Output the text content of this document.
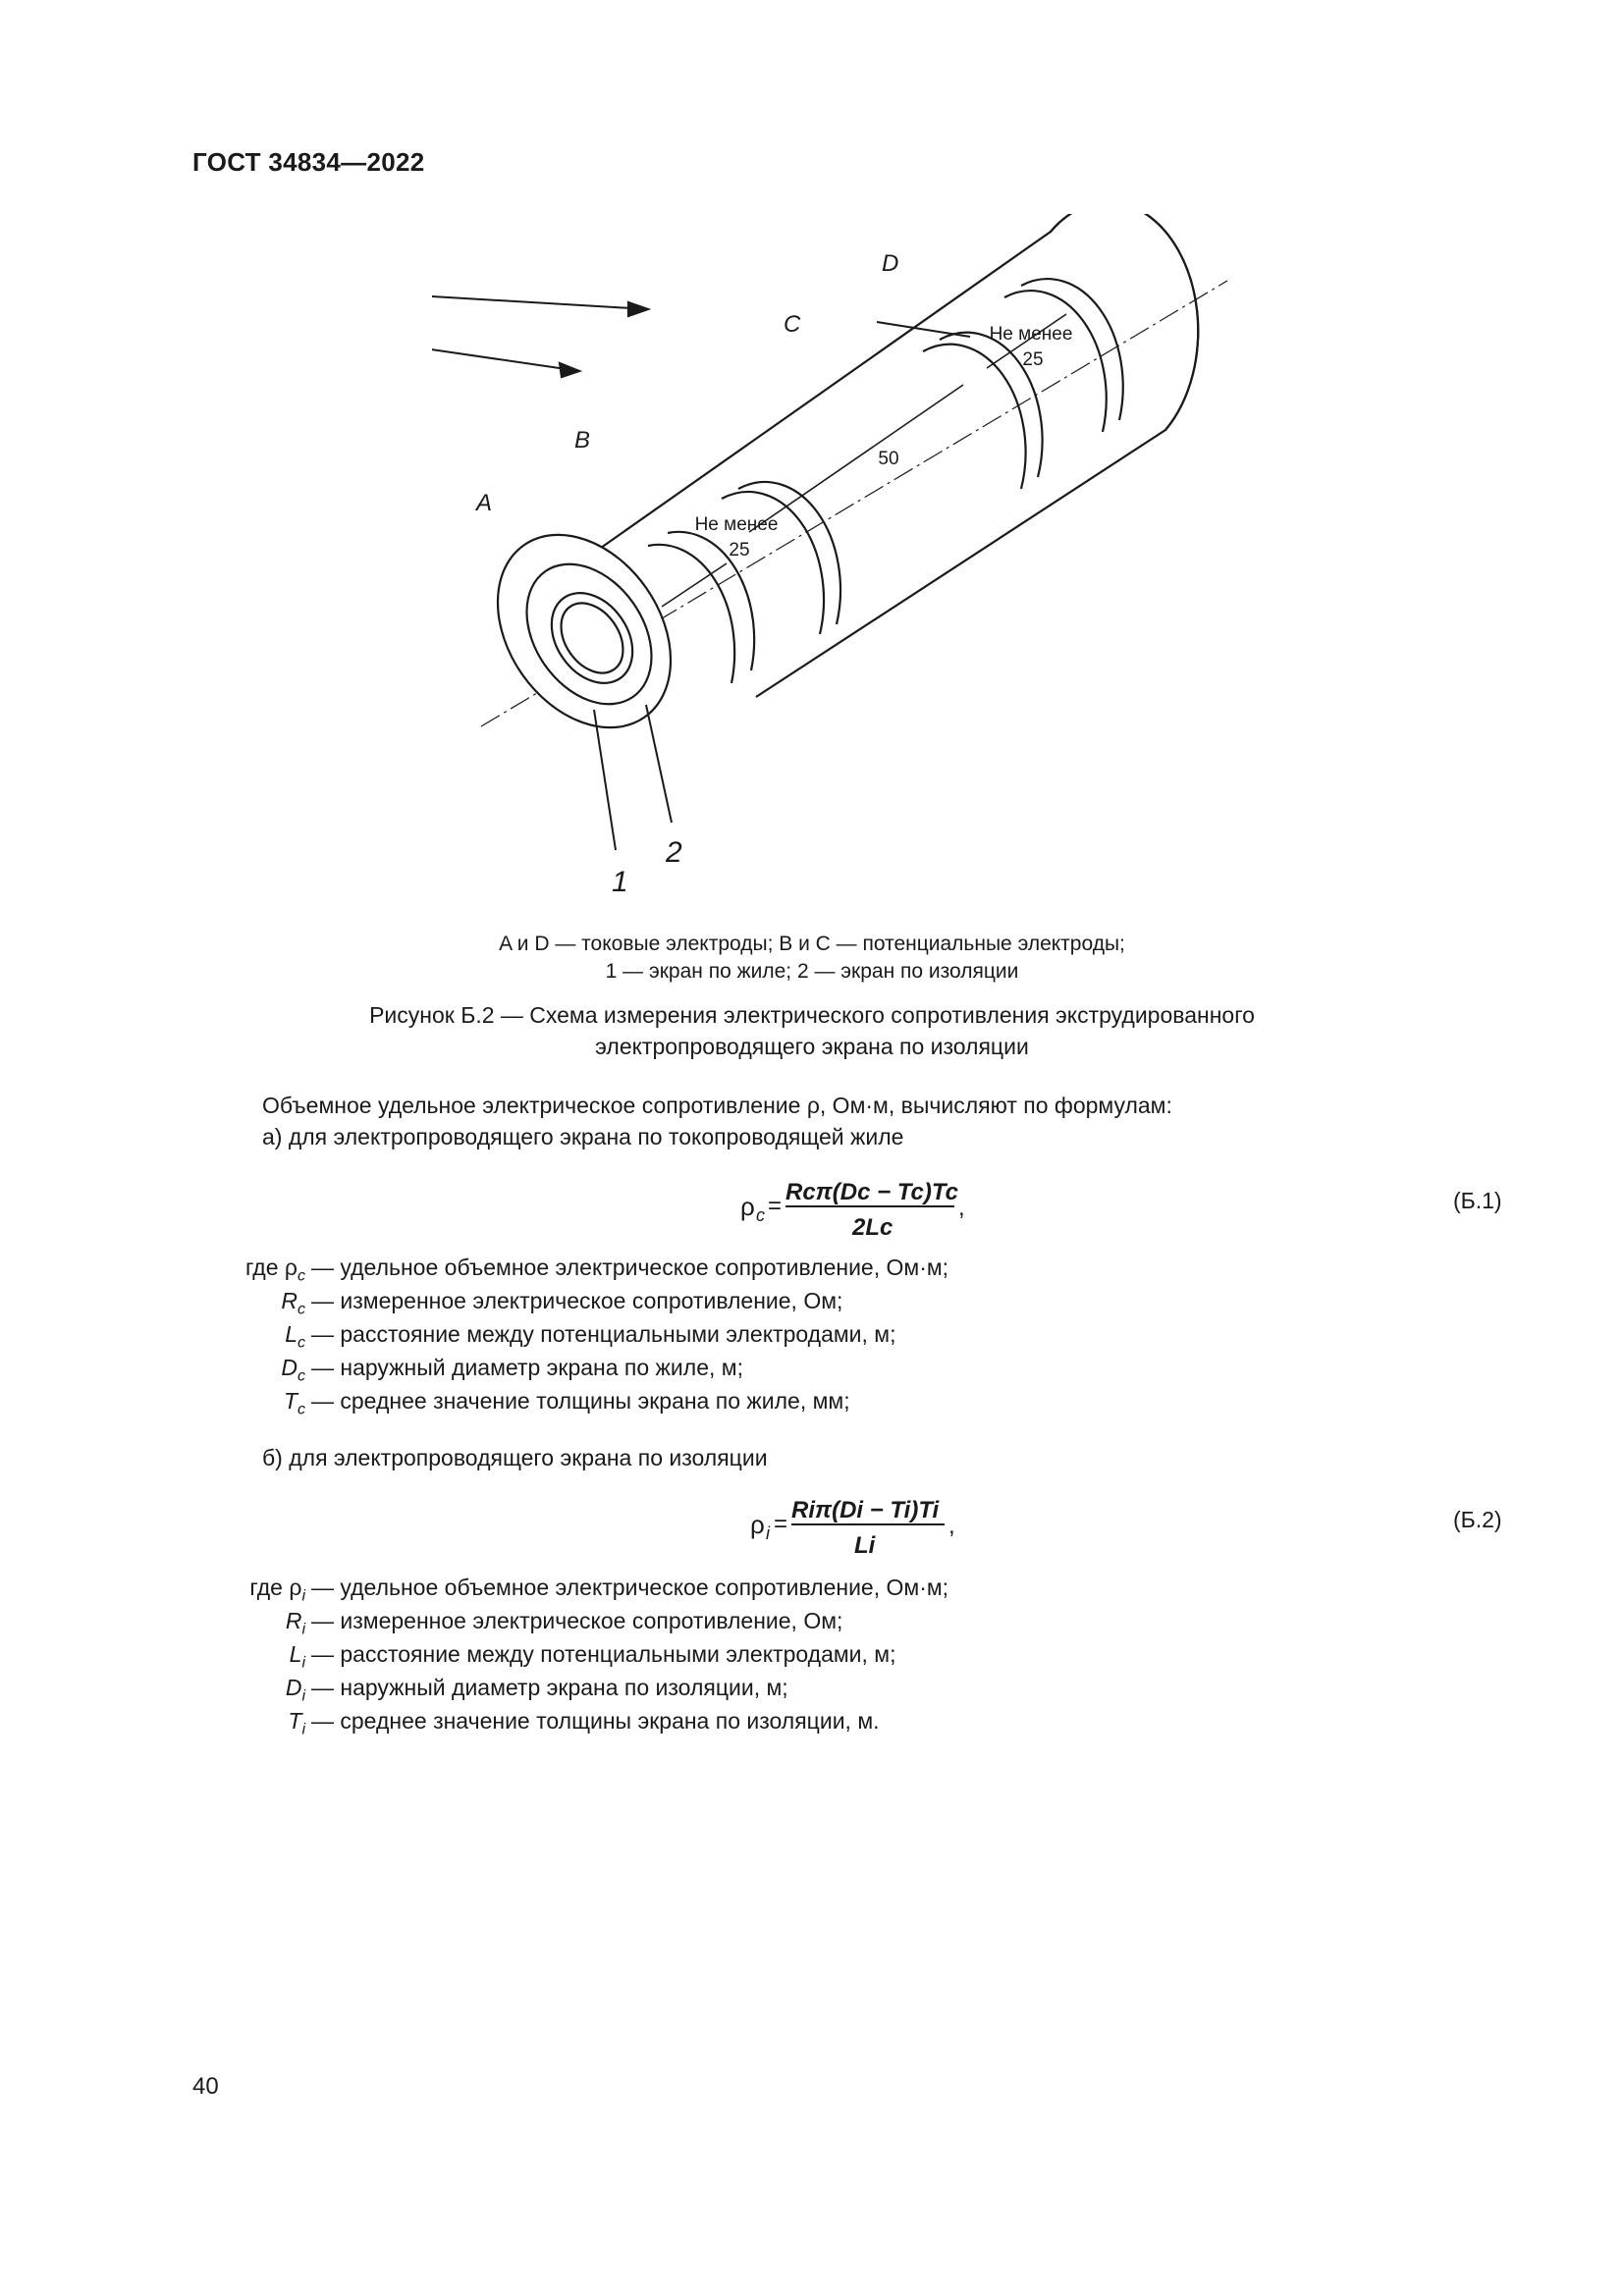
ГОСТ 34834—2022
A
B
C
D
1
2
Не менее
25
50
Не менее
25
A и D — токовые электроды; B и C — потенциальные электроды;
1 — экран по жиле; 2 — экран по изоляции
Рисунок Б.2 — Схема измерения электрического сопротивления экструдированного
электропроводящего экрана по изоляции
Объемное удельное электрическое сопротивление ρ, Ом·м, вычисляют по формулам:
а) для электропроводящего экрана по токопроводящей жиле
ρ c =
Rcπ(Dc − Tc)Tc
2Lc
,	(Б.1)
где $\rho_c$ — удельное объемное электрическое сопротивление, Ом·м;
$R_c$ — измеренное электрическое сопротивление, Ом;
$L_c$ — расстояние между потенциальными электродами, м;
$D_c$ — наружный диаметр экрана по жиле, м;
$T_c$ — среднее значение толщины экрана по жиле, мм;
б) для электропроводящего экрана по изоляции
ρ i =
Riπ(Di − Ti)Ti
Li
,	(Б.2)
где $\rho_i$ — удельное объемное электрическое сопротивление, Ом·м;
$R_i$ — измеренное электрическое сопротивление, Ом;
$L_i$ — расстояние между потенциальными электродами, м;
$D_i$ — наружный диаметр экрана по изоляции, м;
$T_i$ — среднее значение толщины экрана по изоляции, м.
40
